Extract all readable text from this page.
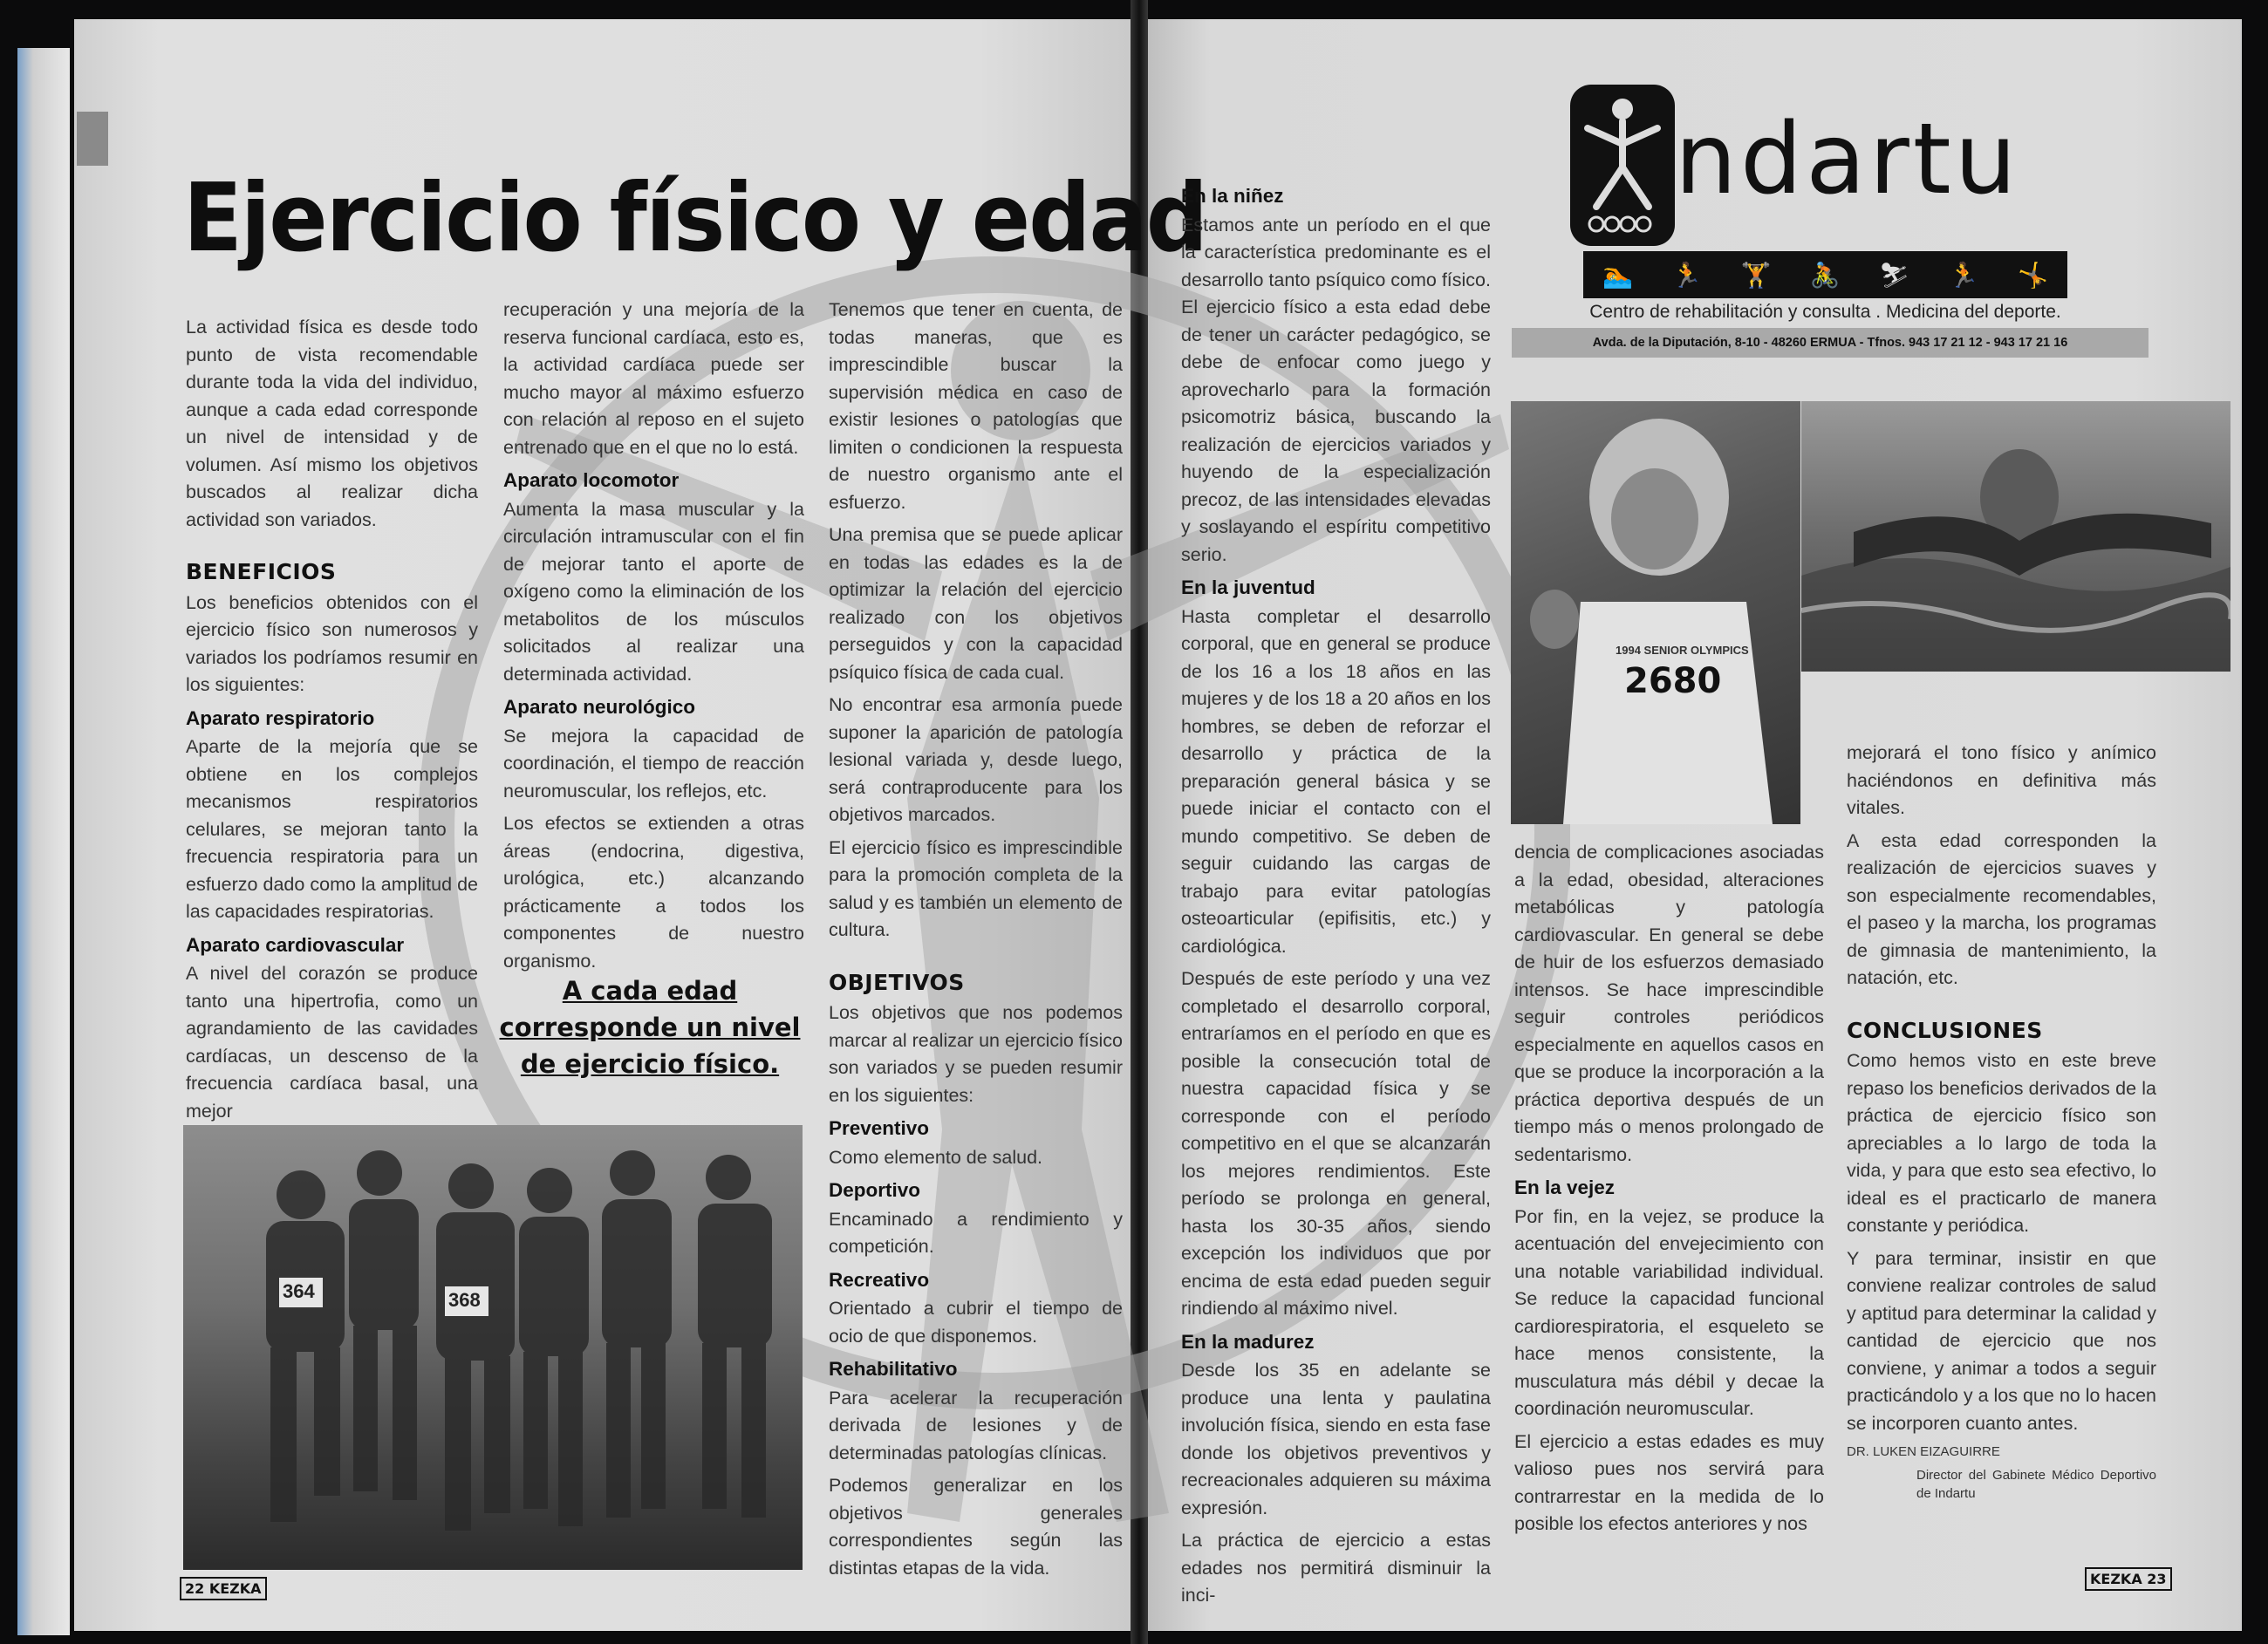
Ejercicio físico y edad

La actividad física es desde todo punto de vista recomendable durante toda la vida del individuo, aunque a cada edad corresponde un nivel de intensidad y de volumen. Así mismo los objetivos buscados al realizar dicha actividad son variados.

BENEFICIOS

Los beneficios obtenidos con el ejercicio físico son numerosos y variados los podríamos resumir en los siguientes:

Aparato respiratorio

Aparte de la mejoría que se obtiene en los complejos mecanismos respiratorios celulares, se mejoran tanto la frecuencia respiratoria para un esfuerzo dado como la amplitud de las capacidades respiratorias.

Aparato cardiovascular

A nivel del corazón se produce tanto una hipertrofia, como un agrandamiento de las cavidades cardíacas, un descenso de la frecuencia cardíaca basal, una mejor

recuperación y una mejoría de la reserva funcional cardíaca, esto es, la actividad cardíaca puede ser mucho mayor al máximo esfuerzo con relación al reposo en el sujeto entrenado que en el que no lo está.

Aparato locomotor

Aumenta la masa muscular y la circulación intramuscular con el fin de mejorar tanto el aporte de oxígeno como la eliminación de los metabolitos de los músculos solicitados al realizar una determinada actividad.

Aparato neurológico

Se mejora la capacidad de coordinación, el tiempo de reacción neuromuscular, los reflejos, etc.

Los efectos se extienden a otras áreas (endocrina, digestiva, urológica, etc.) alcanzando prácticamente a todos los componentes de nuestro organismo.

A cada edad corresponde un nivel de ejercicio físico.

Tenemos que tener en cuenta, de todas maneras, que es imprescindible buscar la supervisión médica en caso de existir lesiones o patologías que limiten o condicionen la respuesta de nuestro organismo ante el esfuerzo.

Una premisa que se puede aplicar en todas las edades es la de optimizar la relación del ejercicio realizado con los objetivos perseguidos y con la capacidad psíquico física de cada cual.

No encontrar esa armonía puede suponer la aparición de patología lesional variada y, desde luego, será contraproducente para los objetivos marcados.

El ejercicio físico es imprescindible para la promoción completa de la salud y es también un elemento de cultura.

OBJETIVOS

Los objetivos que nos podemos marcar al realizar un ejercicio físico son variados y se pueden resumir en los siguientes:

Preventivo

Como elemento de salud.

Deportivo

Encaminado a rendimiento y competición.

Recreativo

Orientado a cubrir el tiempo de ocio de que disponemos.

Rehabilitativo

Para acelerar la recuperación derivada de lesiones y de determinadas patologías clínicas.

Podemos generalizar en los objetivos generales correspondientes según las distintas etapas de la vida.

364	368
22 KEZKA
ndartu
🏊 🏃 🏋 🚴 ⛷ 🏃 🤸
Centro de rehabilitación y consulta . Medicina del deporte.
Avda. de la Diputación, 8-10 - 48260 ERMUA - Tfnos. 943 17 21 12 - 943 17 21 16
1994 SENIOR OLYMPICS
2680
En la niñez

Estamos ante un período en el que la característica predominante es el desarrollo tanto psíquico como físico. El ejercicio físico a esta edad debe de tener un carácter pedagógico, se debe de enfocar como juego y aprovecharlo para la formación psicomotriz básica, buscando la realización de ejercicios variados y huyendo de la especialización precoz, de las intensidades elevadas y soslayando el espíritu competitivo serio.

En la juventud

Hasta completar el desarrollo corporal, que en general se produce de los 16 a los 18 años en las mujeres y de los 18 a 20 años en los hombres, se deben de reforzar el desarrollo y práctica de la preparación general básica y se puede iniciar el contacto con el mundo competitivo. Se deben de seguir cuidando las cargas de trabajo para evitar patologías osteoarticular (epifisitis, etc.) y cardiológica.

Después de este período y una vez completado el desarrollo corporal, entraríamos en el período en que es posible la consecución total de nuestra capacidad física y se corresponde con el período competitivo en el que se alcanzarán los mejores rendimientos. Este período se prolonga en general, hasta los 30-35 años, siendo excepción los individuos que por encima de esta edad pueden seguir rindiendo al máximo nivel.

En la madurez

Desde los 35 en adelante se produce una lenta y paulatina involución física, siendo en esta fase donde los objetivos preventivos y recreacionales adquieren su máxima expresión.

La práctica de ejercicio a estas edades nos permitirá disminuir la inci-

dencia de complicaciones asociadas a la edad, obesidad, alteraciones metabólicas y patología cardiovascular. En general se debe de huir de los esfuerzos demasiado intensos. Se hace imprescindible seguir controles periódicos especialmente en aquellos casos en que se produce la incorporación a la práctica deportiva después de un tiempo más o menos prolongado de sedentarismo.

En la vejez

Por fin, en la vejez, se produce la acentuación del envejecimiento con una notable variabilidad individual. Se reduce la capacidad funcional cardiorespiratoria, el esqueleto se hace menos consistente, la musculatura más débil y decae la coordinación neuromuscular.

El ejercicio a estas edades es muy valioso pues nos servirá para contrarrestar en la medida de lo posible los efectos anteriores y nos

mejorará el tono físico y anímico haciéndonos en definitiva más vitales.

A esta edad corresponden la realización de ejercicios suaves y son especialmente recomendables, el paseo y la marcha, los programas de gimnasia de mantenimiento, la natación, etc.

CONCLUSIONES

Como hemos visto en este breve repaso los beneficios derivados de la práctica de ejercicio físico son apreciables a lo largo de toda la vida, y para que esto sea efectivo, lo ideal es el practicarlo de manera constante y periódica.

Y para terminar, insistir en que conviene realizar controles de salud y aptitud para determinar la calidad y cantidad de ejercicio que nos conviene, y animar a todos a seguir practicándolo y a los que no lo hacen se incorporen cuanto antes.

DR. LUKEN EIZAGUIRRE

Director del Gabinete Médico Deportivo de Indartu

KEZKA 23
